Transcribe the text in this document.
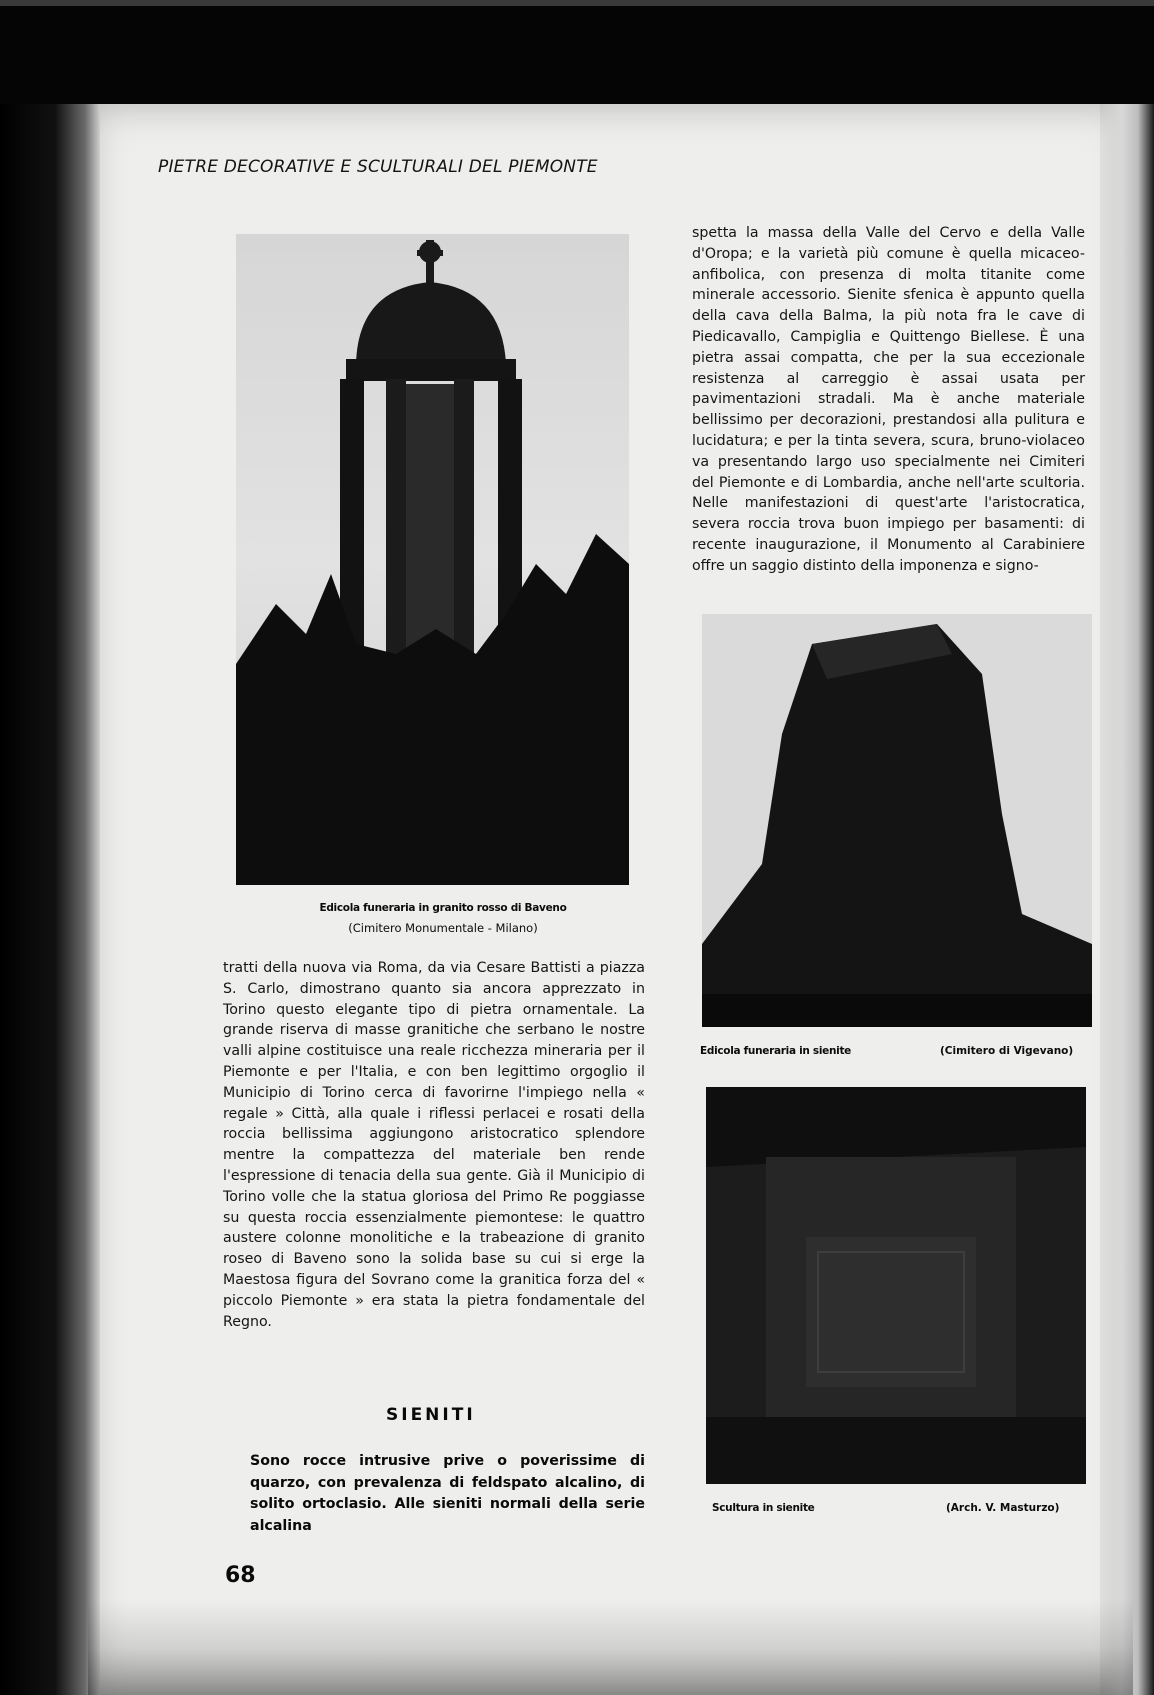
PIETRE DECORATIVE E SCULTURALI DEL PIEMONTE
Edicola funeraria in granito rosso di Baveno
(Cimitero Monumentale - Milano)
spetta la massa della Valle del Cervo e della Valle d'Oropa; e la varietà più comune è quella micaceo-anfibolica, con presenza di molta titanite come minerale accessorio. Sienite sfenica è appunto quella della cava della Balma, la più nota fra le cave di Piedicavallo, Campiglia e Quittengo Biellese. È una pietra assai compatta, che per la sua eccezionale resistenza al carreggio è assai usata per pavimentazioni stradali. Ma è anche materiale bellissimo per decorazioni, prestandosi alla pulitura e lucidatura; e per la tinta severa, scura, bruno-violaceo va presentando largo uso specialmente nei Cimiteri del Piemonte e di Lombardia, anche nell'arte scultoria. Nelle manifestazioni di quest'arte l'aristocratica, severa roccia trova buon impiego per basamenti: di recente inaugurazione, il Monumento al Carabiniere offre un saggio distinto della imponenza e signo-
Edicola funeraria in sienite	(Cimitero di Vigevano)
tratti della nuova via Roma, da via Cesare Battisti a piazza S. Carlo, dimostrano quanto sia ancora apprezzato in Torino questo elegante tipo di pietra ornamentale. La grande riserva di masse granitiche che serbano le nostre valli alpine costituisce una reale ricchezza mineraria per il Piemonte e per l'Italia, e con ben legittimo orgoglio il Municipio di Torino cerca di favorirne l'impiego nella « regale » Città, alla quale i riflessi perlacei e rosati della roccia bellissima aggiungono aristocratico splendore mentre la compattezza del materiale ben rende l'espressione di tenacia della sua gente. Già il Municipio di Torino volle che la statua gloriosa del Primo Re poggiasse su questa roccia essenzialmente piemontese: le quattro austere colonne monolitiche e la trabeazione di granito roseo di Baveno sono la solida base su cui si erge la Maestosa figura del Sovrano come la granitica forza del « piccolo Piemonte » era stata la pietra fondamentale del Regno.
Scultura in sienite	(Arch. V. Masturzo)
SIENITI
Sono rocce intrusive prive o poverissime di quarzo, con prevalenza di feldspato alcalino, di solito ortoclasio. Alle sieniti normali della serie alcalina
68
